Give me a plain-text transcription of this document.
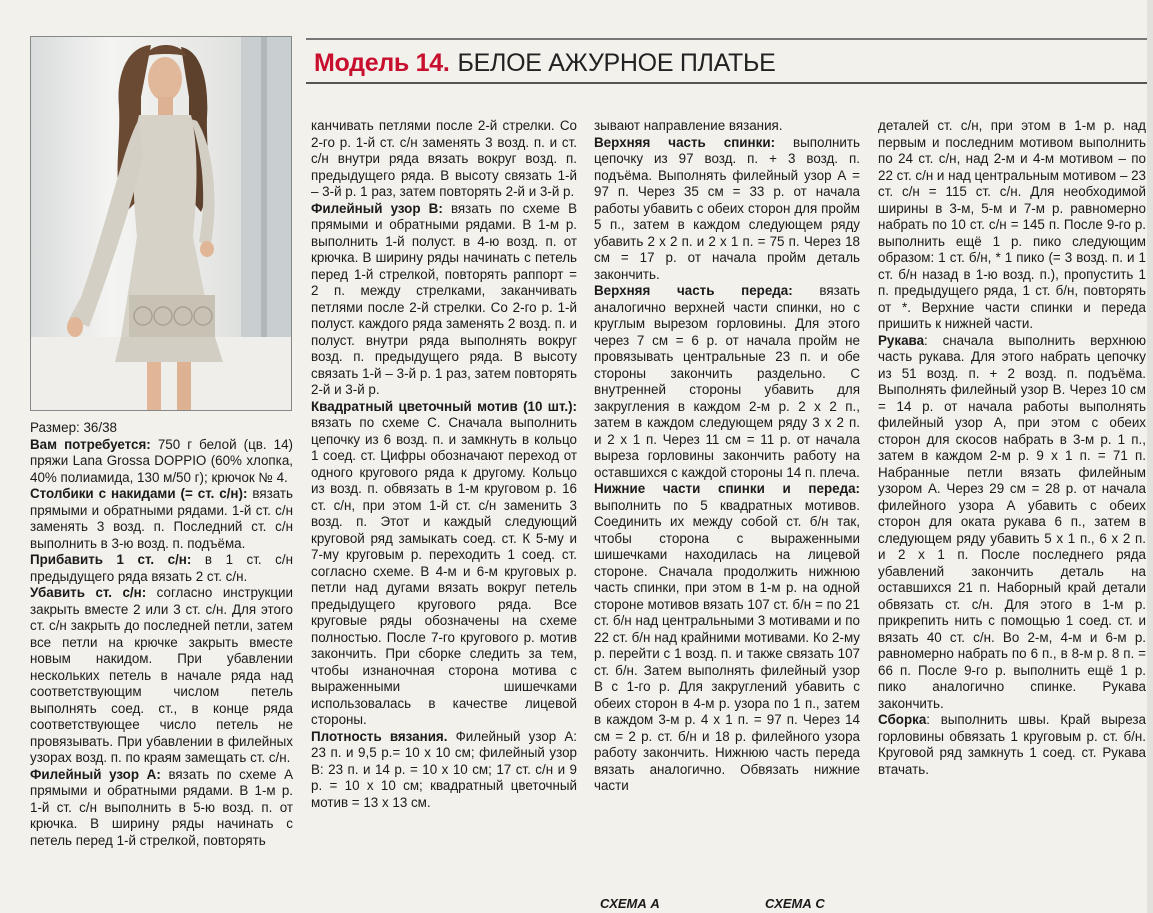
Модель 14. БЕЛОЕ АЖУРНОЕ ПЛАТЬЕ

Размер: 36/38

Вам потребуется: 750 г белой (цв. 14) пряжи Lana Grossa DOPPIO (60% хлопка, 40% полиамида, 130 м/50 г); крючок № 4.

Столбики с накидами (= ст. с/н): вязать прямыми и обратными рядами. 1-й ст. с/н заменять 3 возд. п. Последний ст. с/н выполнить в 3-ю возд. п. подъёма.

Прибавить 1 ст. с/н: в 1 ст. с/н предыдущего ряда вязать 2 ст. с/н.

Убавить ст. с/н: согласно инструкции закрыть вместе 2 или 3 ст. с/н. Для этого ст. с/н закрыть до последней петли, затем все петли на крючке закрыть вместе новым накидом. При убавлении нескольких петель в начале ряда над соответствующим числом петель выполнять соед. ст., в конце ряда соответствующее число петель не провязывать. При убавлении в филейных узорах возд. п. по краям замещать ст. с/н.

Филейный узор А: вязать по схеме А прямыми и обратными рядами. В 1-м р. 1-й ст. с/н выполнить в 5-ю возд. п. от крючка. В ширину ряды начинать с петель перед 1-й стрелкой, повторять

канчивать петлями после 2-й стрелки. Со 2-го р. 1-й ст. с/н заменять 3 возд. п. и ст. с/н внутри ряда вязать вокруг возд. п. предыдущего ряда. В высоту связать 1-й – 3-й р. 1 раз, затем повторять 2-й и 3-й р.

Филейный узор В: вязать по схеме В прямыми и обратными рядами. В 1-м р. выполнить 1-й полуст. в 4-ю возд. п. от крючка. В ширину ряды начинать с петель перед 1-й стрелкой, повторять раппорт = 2 п. между стрелками, заканчивать петлями после 2-й стрелки. Со 2-го р. 1-й полуст. каждого ряда заменять 2 возд. п. и полуст. внутри ряда выполнять вокруг возд. п. предыдущего ряда. В высоту связать 1-й – 3-й р. 1 раз, затем повторять 2-й и 3-й р.

Квадратный цветочный мотив (10 шт.): вязать по схеме С. Сначала выполнить цепочку из 6 возд. п. и замкнуть в кольцо 1 соед. ст. Цифры обозначают переход от одного кругового ряда к другому. Кольцо из возд. п. обвязать в 1-м круговом р. 16 ст. с/н, при этом 1-й ст. с/н заменить 3 возд. п. Этот и каждый следующий круговой ряд замыкать соед. ст. К 5-му и 7-му круговым р. переходить 1 соед. ст. согласно схеме. В 4-м и 6-м круговых р. петли над дугами вязать вокруг петель предыдущего кругового ряда. Все круговые ряды обозначены на схеме полностью. После 7-го кругового р. мотив закончить. При сборке следить за тем, чтобы изнаночная сторона мотива с выраженными шишечками использовалась в качестве лицевой стороны.

Плотность вязания. Филейный узор А: 23 п. и 9,5 р.= 10 х 10 см; филейный узор В: 23 п. и 14 р. = 10 х 10 см; 17 ст. с/н и 9 р. = 10 х 10 см; квадратный цветочный мотив = 13 х 13 см.

зывают направление вязания.

Верхняя часть спинки: выполнить цепочку из 97 возд. п. + 3 возд. п. подъёма. Выполнять филейный узор А = 97 п. Через 35 см = 33 р. от начала работы убавить с обеих сторон для пройм 5 п., затем в каждом следующем ряду убавить 2 х 2 п. и 2 х 1 п. = 75 п. Через 18 см = 17 р. от начала пройм деталь закончить.

Верхняя часть переда: вязать аналогично верхней части спинки, но с круглым вырезом горловины. Для этого через 7 см = 6 р. от начала пройм не провязывать центральные 23 п. и обе стороны закончить раздельно. С внутренней стороны убавить для закругления в каждом 2-м р. 2 х 2 п., затем в каждом следующем ряду 3 х 2 п. и 2 х 1 п. Через 11 см = 11 р. от начала выреза горловины закончить работу на оставшихся с каждой стороны 14 п. плеча.

Нижние части спинки и переда: выполнить по 5 квадратных мотивов. Соединить их между собой ст. б/н так, чтобы сторона с выраженными шишечками находилась на лицевой стороне. Сначала продолжить нижнюю часть спинки, при этом в 1-м р. на одной стороне мотивов вязать 107 ст. б/н = по 21 ст. б/н над центральными 3 мотивами и по 22 ст. б/н над крайними мотивами. Ко 2-му р. перейти с 1 возд. п. и также связать 107 ст. б/н. Затем выполнять филейный узор В с 1-го р. Для закруглений убавить с обеих сторон в 4-м р. узора по 1 п., затем в каждом 3-м р. 4 х 1 п. = 97 п. Через 14 см = 2 р. ст. б/н и 18 р. филейного узора работу закончить. Нижнюю часть переда вязать аналогично. Обвязать нижние части

деталей ст. с/н, при этом в 1-м р. над первым и последним мотивом выполнить по 24 ст. с/н, над 2-м и 4-м мотивом – по 22 ст. с/н и над центральным мотивом – 23 ст. с/н = 115 ст. с/н. Для необходимой ширины в 3-м, 5-м и 7-м р. равномерно набрать по 10 ст. с/н = 145 п. После 9-го р. выполнить ещё 1 р. пико следующим образом: 1 ст. б/н, * 1 пико (= 3 возд. п. и 1 ст. б/н назад в 1-ю возд. п.), пропустить 1 п. предыдущего ряда, 1 ст. б/н, повторять от *. Верхние части спинки и переда пришить к нижней части.

Рукава: сначала выполнить верхнюю часть рукава. Для этого набрать цепочку из 51 возд. п. + 2 возд. п. подъёма. Выполнять филейный узор В. Через 10 см = 14 р. от начала работы выполнять филейный узор А, при этом с обеих сторон для скосов набрать в 3-м р. 1 п., затем в каждом 2-м р. 9 х 1 п. = 71 п. Набранные петли вязать филейным узором А. Через 29 см = 28 р. от начала филейного узора А убавить с обеих сторон для оката рукава 6 п., затем в следующем ряду убавить 5 х 1 п., 6 х 2 п. и 2 х 1 п. После последнего ряда убавлений закончить деталь на оставшихся 21 п. Наборный край детали обвязать ст. с/н. Для этого в 1-м р. прикрепить нить с помощью 1 соед. ст. и вязать 40 ст. с/н. Во 2-м, 4-м и 6-м р. равномерно набрать по 6 п., в 8-м р. 8 п. = 66 п. После 9-го р. выполнить ещё 1 р. пико аналогично спинке. Рукава закончить.

Сборка: выполнить швы. Край выреза горловины обвязать 1 круговым р. ст. б/н. Круговой ряд замкнуть 1 соед. ст. Рукава втачать.

СХЕМА А	СХЕМА С
